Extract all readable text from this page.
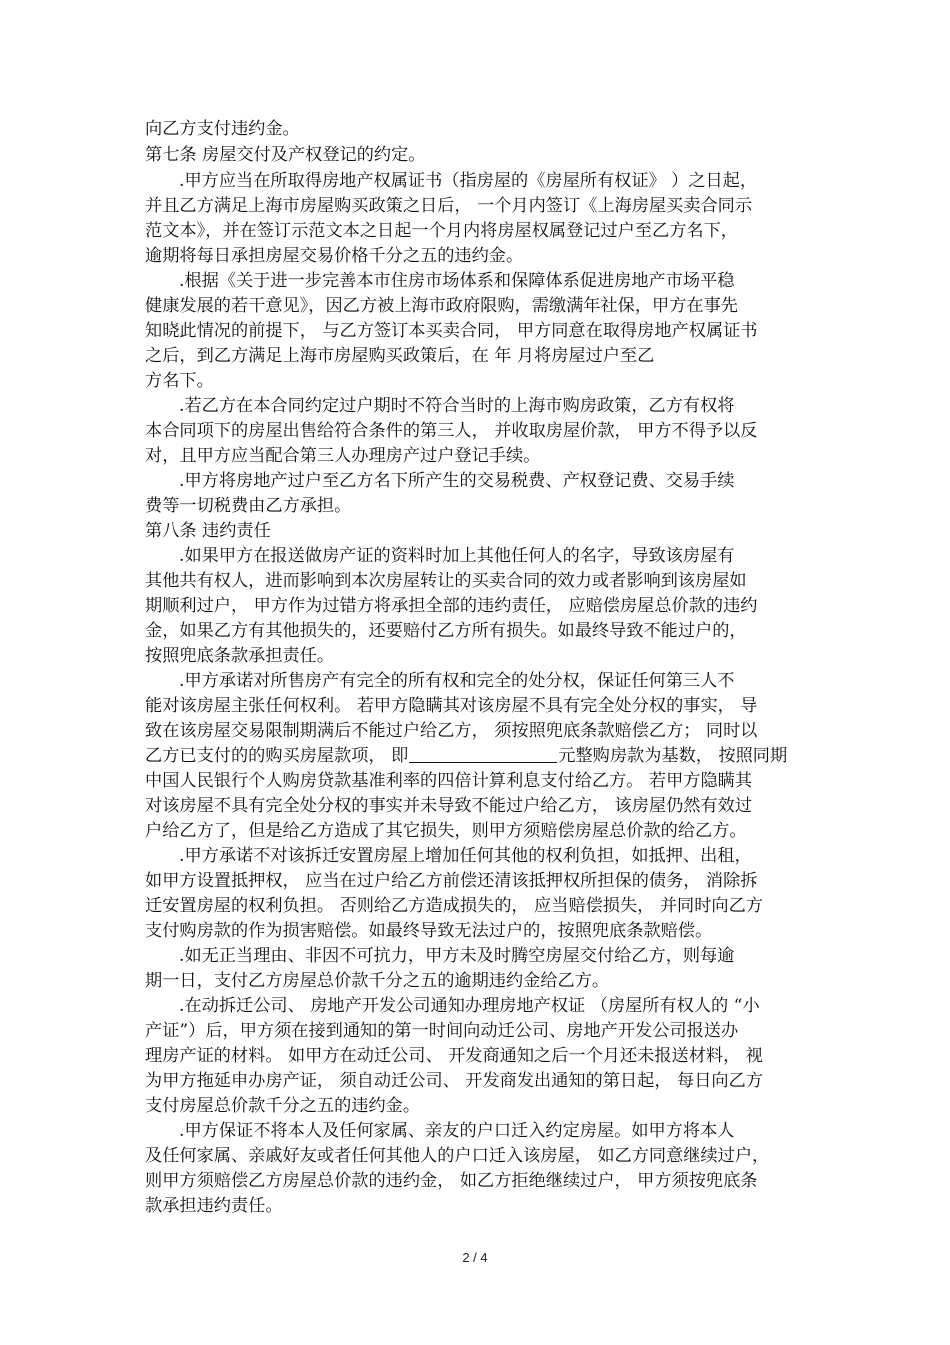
向乙方支付违约金。

第七条 房屋交付及产权登记的约定。

.甲方应当在所取得房地产权属证书（指房屋的《房屋所有权证》 ）之日起，

并且乙方满足上海市房屋购买政策之日后， 一个月内签订《上海房屋买卖合同示

范文本》，并在签订示范文本之日起一个月内将房屋权属登记过户至乙方名下，

逾期将每日承担房屋交易价格千分之五的违约金。

.根据《关于进一步完善本市住房市场体系和保障体系促进房地产市场平稳

健康发展的若干意见》，因乙方被上海市政府限购，需缴满年社保，甲方在事先

知晓此情况的前提下， 与乙方签订本买卖合同， 甲方同意在取得房地产权属证书

之后，到乙方满足上海市房屋购买政策后，在 年 月将房屋过户至乙

方名下。

.若乙方在本合同约定过户期时不符合当时的上海市购房政策，乙方有权将

本合同项下的房屋出售给符合条件的第三人， 并收取房屋价款， 甲方不得予以反

对，且甲方应当配合第三人办理房产过户登记手续。

.甲方将房地产过户至乙方名下所产生的交易税费、产权登记费、交易手续

费等一切税费由乙方承担。

第八条 违约责任

.如果甲方在报送做房产证的资料时加上其他任何人的名字，导致该房屋有

其他共有权人，进而影响到本次房屋转让的买卖合同的效力或者影响到该房屋如

期顺利过户， 甲方作为过错方将承担全部的违约责任， 应赔偿房屋总价款的违约

金，如果乙方有其他损失的，还要赔付乙方所有损失。如最终导致不能过户的，

按照兜底条款承担责任。

.甲方承诺对所售房产有完全的所有权和完全的处分权，保证任何第三人不

能对该房屋主张任何权利。 若甲方隐瞒其对该房屋不具有完全处分权的事实， 导

致在该房屋交易限制期满后不能过户给乙方， 须按照兜底条款赔偿乙方； 同时以

乙方已支付的的购买房屋款项， 即	元整购房款为基数， 按照同期

中国人民银行个人购房贷款基准利率的四倍计算利息支付给乙方。 若甲方隐瞒其

对该房屋不具有完全处分权的事实并未导致不能过户给乙方， 该房屋仍然有效过

户给乙方了，但是给乙方造成了其它损失，则甲方须赔偿房屋总价款的给乙方。

.甲方承诺不对该拆迁安置房屋上增加任何其他的权利负担，如抵押、出租，

如甲方设置抵押权， 应当在过户给乙方前偿还清该抵押权所担保的债务， 消除拆

迁安置房屋的权利负担。 否则给乙方造成损失的， 应当赔偿损失， 并同时向乙方

支付购房款的作为损害赔偿。如最终导致无法过户的，按照兜底条款赔偿。

.如无正当理由、非因不可抗力，甲方未及时腾空房屋交付给乙方，则每逾

期一日，支付乙方房屋总价款千分之五的逾期违约金给乙方。

.在动拆迁公司、 房地产开发公司通知办理房地产权证 （房屋所有权人的 “小

产证”）后，甲方须在接到通知的第一时间向动迁公司、房地产开发公司报送办

理房产证的材料。 如甲方在动迁公司、 开发商通知之后一个月还未报送材料， 视

为甲方拖延申办房产证， 须自动迁公司、 开发商发出通知的第日起， 每日向乙方

支付房屋总价款千分之五的违约金。

.甲方保证不将本人及任何家属、亲友的户口迁入约定房屋。如甲方将本人

及任何家属、亲戚好友或者任何其他人的户口迁入该房屋， 如乙方同意继续过户，

则甲方须赔偿乙方房屋总价款的违约金， 如乙方拒绝继续过户， 甲方须按兜底条

款承担违约责任。

2 / 4
